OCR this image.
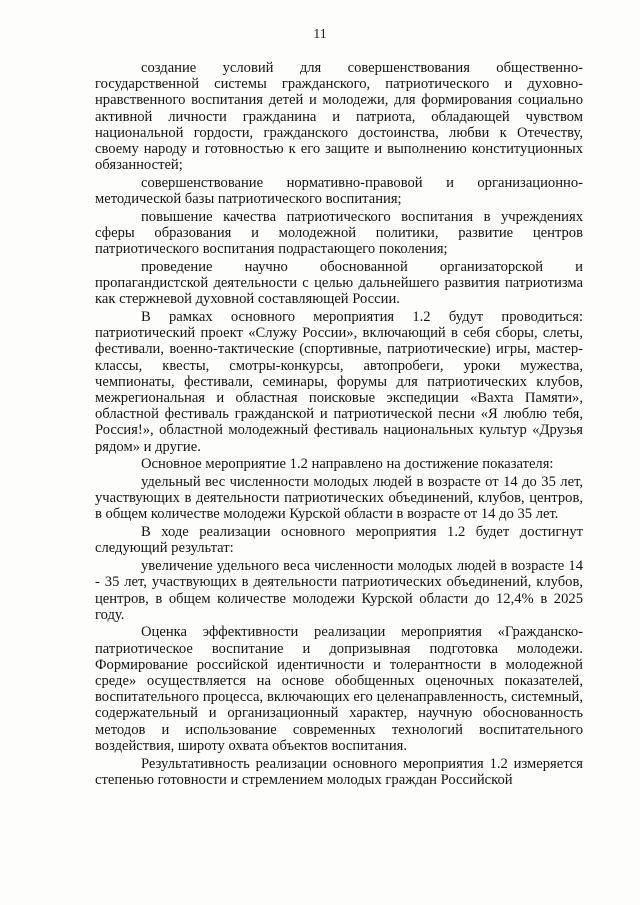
11

создание условий для совершенствования общественно-государственной системы гражданского, патриотического и духовно-нравственного воспитания детей и молодежи, для формирования социально активной личности гражданина и патриота, обладающей чувством национальной гордости, гражданского достоинства, любви к Отечеству, своему народу и готовностью к его защите и выполнению конституционных обязанностей;

совершенствование нормативно-правовой и организационно-методической базы патриотического воспитания;

повышение качества патриотического воспитания в учреждениях сферы образования и молодежной политики, развитие центров патриотического воспитания подрастающего поколения;

проведение научно обоснованной организаторской и пропагандистской деятельности с целью дальнейшего развития патриотизма как стержневой духовной составляющей России.

В рамках основного мероприятия 1.2 будут проводиться: патриотический проект «Служу России», включающий в себя сборы, слеты, фестивали, военно-тактические (спортивные, патриотические) игры, мастер-классы, квесты, смотры-конкурсы, автопробеги, уроки мужества, чемпионаты, фестивали, семинары, форумы для патриотических клубов, межрегиональная и областная поисковые экспедиции «Вахта Памяти», областной фестиваль гражданской и патриотической песни «Я люблю тебя, Россия!», областной молодежный фестиваль национальных культур «Друзья рядом» и другие.

Основное мероприятие 1.2 направлено на достижение показателя:

удельный вес численности молодых людей в возрасте от 14 до 35 лет, участвующих в деятельности патриотических объединений, клубов, центров, в общем количестве молодежи Курской области в возрасте от 14 до 35 лет.

В ходе реализации основного мероприятия 1.2 будет достигнут следующий результат:

увеличение удельного веса численности молодых людей в возрасте 14 - 35 лет, участвующих в деятельности патриотических объединений, клубов, центров, в общем количестве молодежи Курской области до 12,4% в 2025 году.

Оценка эффективности реализации мероприятия «Гражданско-патриотическое воспитание и допризывная подготовка молодежи. Формирование российской идентичности и толерантности в молодежной среде» осуществляется на основе обобщенных оценочных показателей, воспитательного процесса, включающих его целенаправленность, системный, содержательный и организационный характер, научную обоснованность методов и использование современных технологий воспитательного воздействия, широту охвата объектов воспитания.

Результативность реализации основного мероприятия 1.2 измеряется степенью готовности и стремлением молодых граждан Российской
